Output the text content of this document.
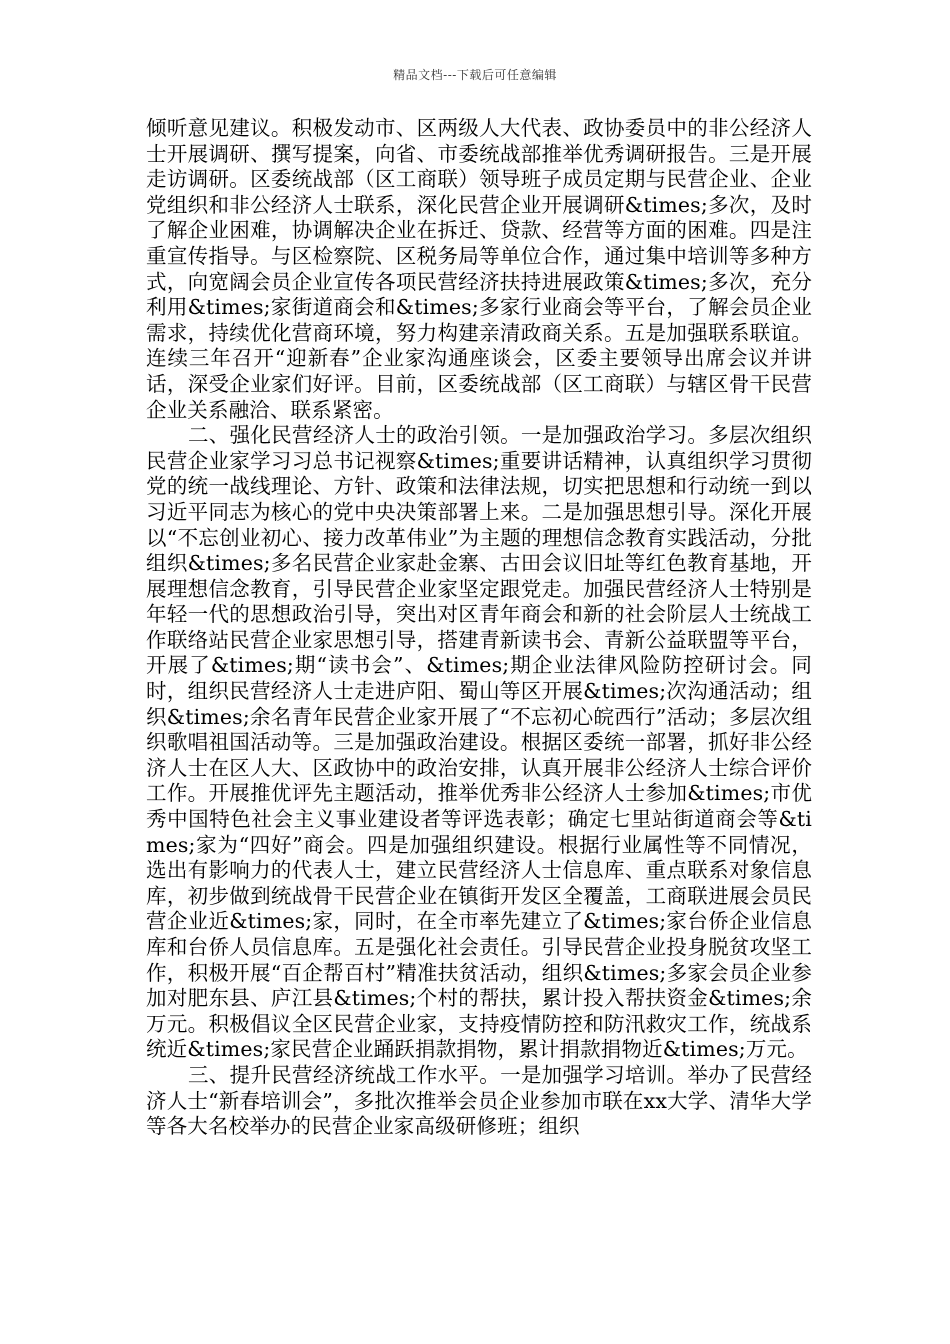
精品文档---下载后可任意编辑

倾听意见建议。积极发动市、区两级人大代表、政协委员中的非公经济人士开展调研、撰写提案，向省、市委统战部推举优秀调研报告。三是开展走访调研。区委统战部（区工商联）领导班子成员定期与民营企业、企业党组织和非公经济人士联系，深化民营企业开展调研&times;多次，及时了解企业困难，协调解决企业在拆迁、贷款、经营等方面的困难。四是注重宣传指导。与区检察院、区税务局等单位合作，通过集中培训等多种方式，向宽阔会员企业宣传各项民营经济扶持进展政策&times;多次，充分利用&times;家街道商会和&times;多家行业商会等平台，了解会员企业需求，持续优化营商环境，努力构建亲清政商关系。五是加强联系联谊。连续三年召开“迎新春”企业家沟通座谈会，区委主要领导出席会议并讲话，深受企业家们好评。目前，区委统战部（区工商联）与辖区骨干民营企业关系融洽、联系紧密。

二、强化民营经济人士的政治引领。一是加强政治学习。多层次组织民营企业家学习习总书记视察&times;重要讲话精神，认真组织学习贯彻党的统一战线理论、方针、政策和法律法规，切实把思想和行动统一到以习近平同志为核心的党中央决策部署上来。二是加强思想引导。深化开展以“不忘创业初心、接力改革伟业”为主题的理想信念教育实践活动，分批组织&times;多名民营企业家赴金寨、古田会议旧址等红色教育基地，开展理想信念教育，引导民营企业家坚定跟党走。加强民营经济人士特别是年轻一代的思想政治引导，突出对区青年商会和新的社会阶层人士统战工作联络站民营企业家思想引导，搭建青新读书会、青新公益联盟等平台，开展了&times;期“读书会”、&times;期企业法律风险防控研讨会。同时，组织民营经济人士走进庐阳、蜀山等区开展&times;次沟通活动；组织&times;余名青年民营企业家开展了“不忘初心皖西行”活动；多层次组织歌唱祖国活动等。三是加强政治建设。根据区委统一部署，抓好非公经济人士在区人大、区政协中的政治安排，认真开展非公经济人士综合评价工作。开展推优评先主题活动，推举优秀非公经济人士参加&times;市优秀中国特色社会主义事业建设者等评选表彰；确定七里站街道商会等&times;家为“四好”商会。四是加强组织建设。根据行业属性等不同情况，选出有影响力的代表人士，建立民营经济人士信息库、重点联系对象信息库，初步做到统战骨干民营企业在镇街开发区全覆盖，工商联进展会员民营企业近&times;家，同时，在全市率先建立了&times;家台侨企业信息库和台侨人员信息库。五是强化社会责任。引导民营企业投身脱贫攻坚工作，积极开展“百企帮百村”精准扶贫活动，组织&times;多家会员企业参加对肥东县、庐江县&times;个村的帮扶，累计投入帮扶资金&times;余万元。积极倡议全区民营企业家，支持疫情防控和防汛救灾工作，统战系统近&times;家民营企业踊跃捐款捐物，累计捐款捐物近&times;万元。

三、提升民营经济统战工作水平。一是加强学习培训。举办了民营经济人士“新春培训会”，多批次推举会员企业参加市联在xx大学、清华大学等各大名校举办的民营企业家高级研修班；组织
